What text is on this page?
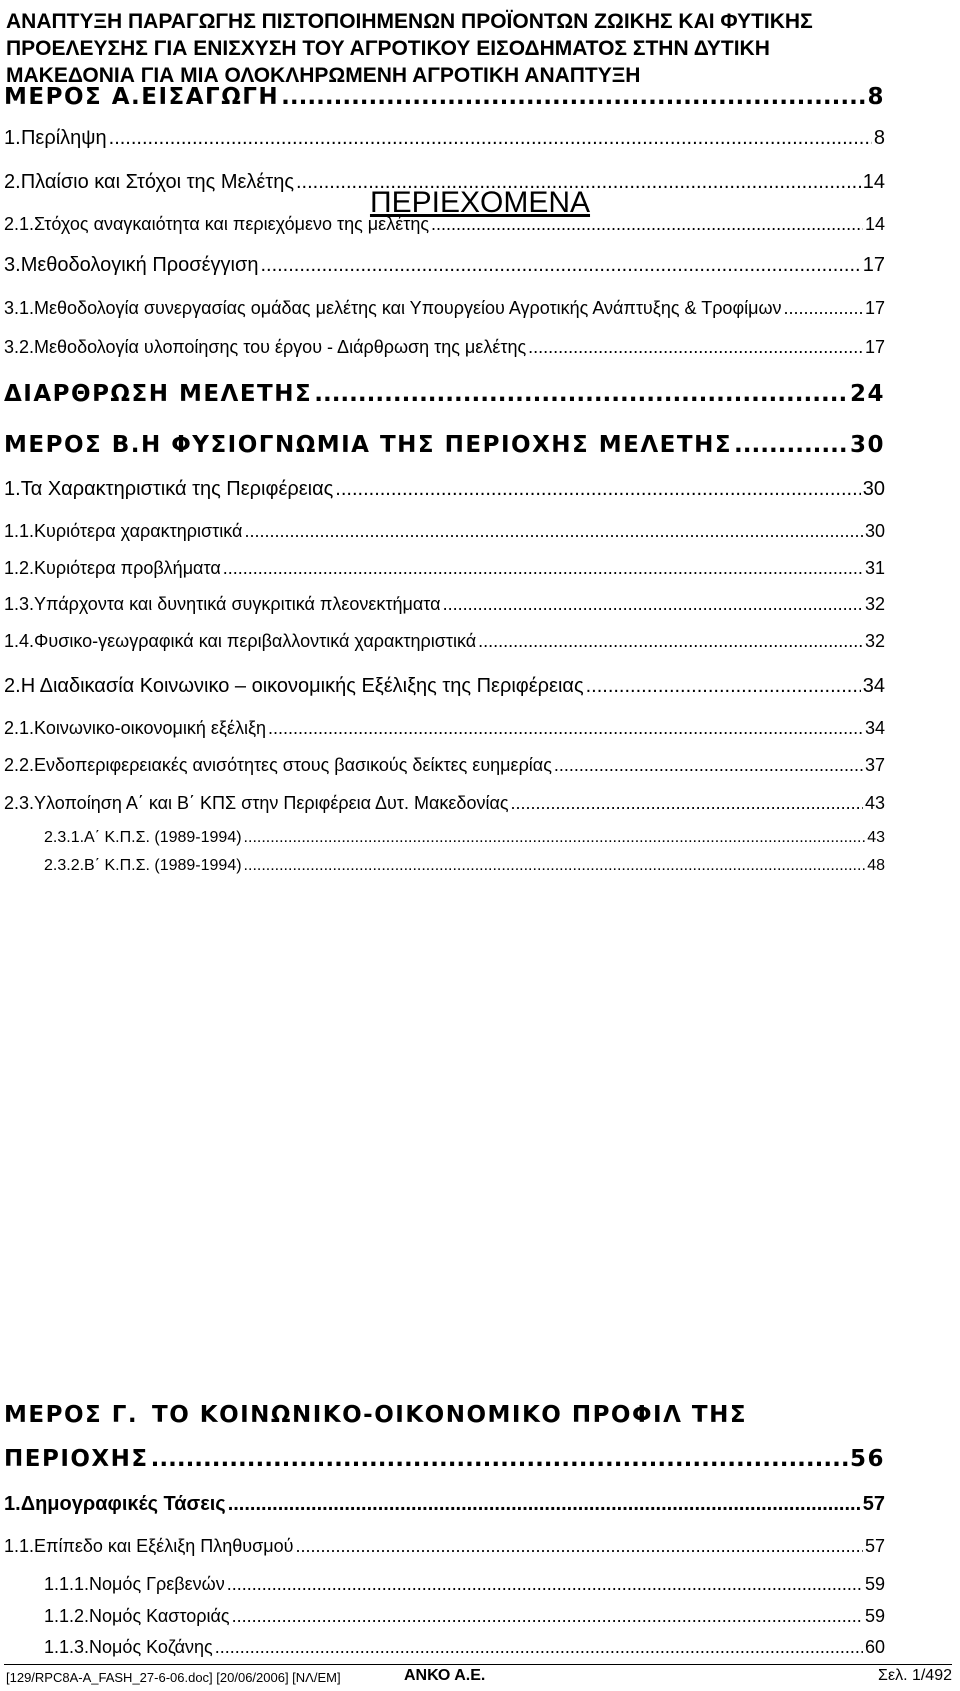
ΑΝΑΠΤΥΞΗ ΠΑΡΑΓΩΓΗΣ ΠΙΣΤΟΠΟΙΗΜΕΝΩΝ ΠΡΟΪΟΝΤΩΝ ΖΩΙΚΗΣ ΚΑΙ ΦΥΤΙΚΗΣ
ΠΡΟΕΛΕΥΣΗΣ ΓΙΑ ΕΝΙΣΧΥΣΗ ΤΟΥ ΑΓΡΟΤΙΚΟΥ ΕΙΣΟΔΗΜΑΤΟΣ ΣΤΗΝ ΔΥΤΙΚΗ
ΜΑΚΕΔΟΝΙΑ ΓΙΑ ΜΙΑ ΟΛΟΚΛΗΡΩΜΕΝΗ ΑΓΡΟΤΙΚΗ ΑΝΑΠΤΥΞΗ
ΠΕΡΙΕΧΟΜΕΝΑ
ΜΕΡΟΣ Α. ΕΙΣΑΓΩΓΗ .....	8
1. Περίληψη .....	8
2. Πλαίσιο και Στόχοι της Μελέτης .....	14
2.1. Στόχος αναγκαιότητα και περιεχόμενο της μελέτης .....	14
3. Μεθοδολογική Προσέγγιση .....	17
3.1. Μεθοδολογία συνεργασίας ομάδας μελέτης και Υπουργείου Αγροτικής Ανάπτυξης & Τροφίμων .....	17
3.2. Μεθοδολογία υλοποίησης του έργου - Διάρθρωση της μελέτης .....	17
ΔΙΑΡΘΡΩΣΗ ΜΕΛΕΤΗΣ .....	24
ΜΕΡΟΣ Β. Η ΦΥΣΙΟΓΝΩΜΙΑ ΤΗΣ ΠΕΡΙΟΧΗΣ ΜΕΛΕΤΗΣ .....	30
1. Τα Χαρακτηριστικά της Περιφέρειας .....	30
1.1. Κυριότερα χαρακτηριστικά .....	30
1.2. Κυριότερα προβλήματα .....	31
1.3. Υπάρχοντα και δυνητικά συγκριτικά πλεονεκτήματα .....	32
1.4. Φυσικο-γεωγραφικά και περιβαλλοντικά χαρακτηριστικά .....	32
2. Η Διαδικασία Κοινωνικο – οικονομικής Εξέλιξης της Περιφέρειας .....	34
2.1. Κοινωνικο-οικονομική εξέλιξη .....	34
2.2. Ενδοπεριφερειακές ανισότητες στους βασικούς δείκτες ευημερίας .....	37
2.3. Υλοποίηση Α΄ και Β΄ ΚΠΣ στην Περιφέρεια Δυτ. Μακεδονίας .....	43
2.3.1. Α΄ Κ.Π.Σ. (1989-1994) .....	43
2.3.2. Β΄ Κ.Π.Σ. (1989-1994) .....	48
ΜΕΡΟΣ Γ. ΤΟ ΚΟΙΝΩΝΙΚΟ-ΟΙΚΟΝΟΜΙΚΟ ΠΡΟΦΙΛ ΤΗΣ
ΠΕΡΙΟΧΗΣ .....	56
1. Δημογραφικές Τάσεις .....	57
1.1. Επίπεδο και Εξέλιξη Πληθυσμού .....	57
1.1.1. Νομός Γρεβενών .....	59
1.1.2. Νομός Καστοριάς .....	59
1.1.3. Νομός Κοζάνης .....	60
[129/RPC8A-A_FASH_27-6-06.doc] [20/06/2006] [ΝΛ/ΕΜ]	ΑΝΚΟ Α.Ε.	Σελ. 1/492
